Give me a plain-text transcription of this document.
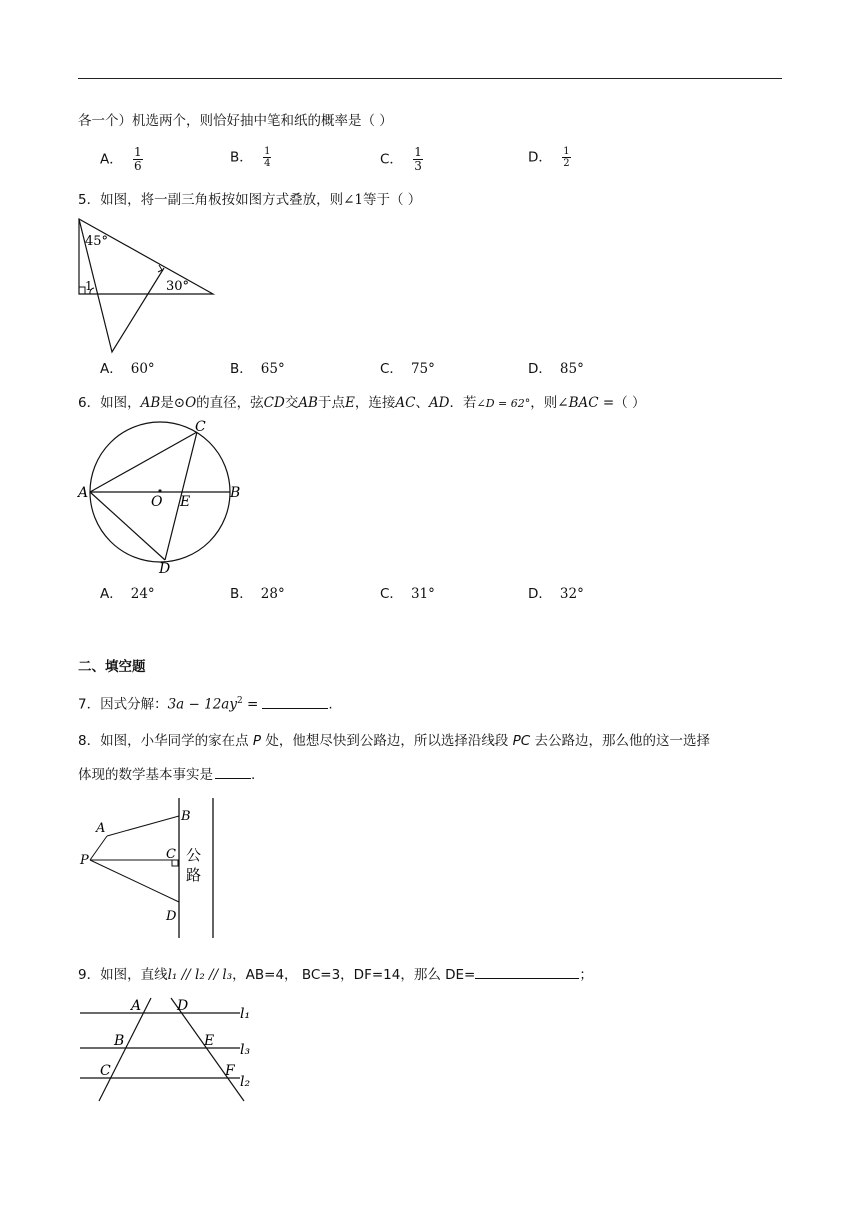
各一个）机选两个，则恰好抽中笔和纸的概率是（ ）
A． $\frac{1}{6}$	B． $\frac{1}{4}$	C． $\frac{1}{3}$	D． $\frac{1}{2}$
5．如图，将一副三角板按如图方式叠放，则∠1等于（ ）
45°
30°
1
A． 60°	B． 65°	C． 75°	D． 85°
6．如图，AB是⊙O的直径，弦CD交AB于点E，连接AC、AD．若∠D = 62°，则∠BAC =（ ）
A	B
C
D
O E
A． 24°	B． 28°	C． 31°	D． 32°
二、填空题
7．因式分解：$3a - 12ay^2$ =	.
8．如图，小华同学的家在点 P 处，他想尽快到公路边，所以选择沿线段 PC 去公路边，那么他的这一选择
体现的数学基本事实是	.
A
B
C
D
P	公
路
9．如图，直线l₁ // l₂ // l₃，AB=4， BC=3，DF=14，那么 DE=	；
A	D
B	E
C	F
l₁
l₃
l₂
